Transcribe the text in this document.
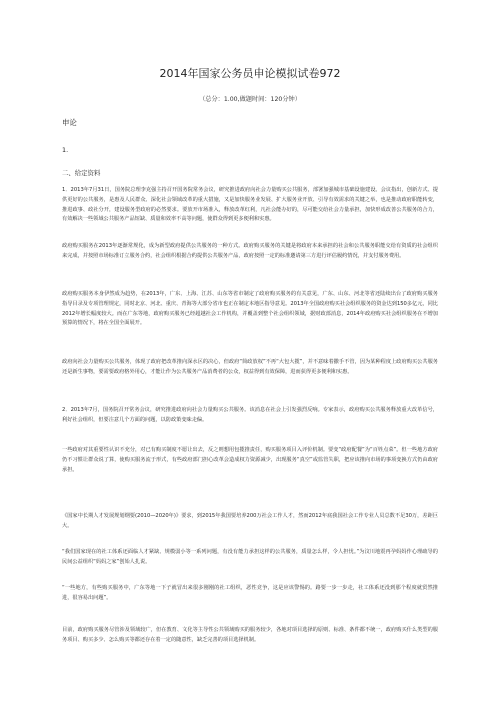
2014年国家公务员申论模拟试卷972
（总分：1.00,做题时间：120分钟）
申论
1.
二、给定资料

1．2013年7月31日，国务院总理李克强主持召开国务院常务会议，研究推进政府向社会力量购买公共服务，部署加强城市基础设施建设。会议指出，创新方式、提供更好的公共服务，是惠及人民群众、深化社会领域改革的重大措施，又是加快服务业发展、扩大服务业开放、引导有效需求的关键之举，也是推动政府职能转变，推进政事、政社分开，建设服务型政府的必然要求。要放开市场准入，释放改革红利，凡社会能办好的，尽可能交给社会力量承担，加快形成改善公共服务的合力，有效解决一些领域公共服务产品短缺、质量和效率不高等问题，使群众得到更多便利和实惠。

政府购买服务在2013年逐渐常规化，成为新型政府提供公共服务的一种方式。政府购买服务的关键是将政府本来承担的社会和公共服务职能交给有资质的社会组织来完成，并按照市场标准订立服务合约，社会组织根据合约提供公共服务产品，政府按照一定的标准邀请第三方进行评估履约情况，并支付服务费用。

政府购买服务本身伊然成为趋势，在2013年，广东、上海、江苏、山东等省市制定了政府购买服务的有关意见，广东、山东、河北等省还陆续出台了政府购买服务指导目录及专项管理规定，同时北京、河北、重庆、青海等大部分省市也正在制定本地区指导意见。2013年全国政府购买社会组织服务的资金达到150多亿元，同比2012年增长幅度较大。而在广东等地，政府购买服务已经超越社会工作机构，并覆盖到整个社会组织领域，据财政部消息，2014年政府购买社会组织服务在不增加预算的情况下，将在全国全面展开。

政府向社会力量购买公共服务，体现了政府把改革推向深水区的决心，但政府“简政放权”不再“大包大揽”，并不意味着撒手不管，因为某种程度上政府购买公共服务还是新生事物，要需要政府格外用心，才能让作为公共服务产品消费者的公众，权益得到有效保障，进而获得更多便利和实惠。

2．2013年7月，国务院召开常务会议，研究推进政府向社会力量购买公共服务。该消息在社会上引发强烈反响。专家表示，政府购买公共服务释放重大改革信号，利好社会组织，但要注意几个方面的问题，以防政策变味走偏。

一些政府对其重要性认识不充分，对已有购买制度不愿让出去，反之则想用包揽推责任，购买服务项目入评价机制。要变“政府配餐”为“百姓点菜”。但一些地方政府仍不习惯让群众说了算，使购买服务流于形式，有些政府部门担心改革会造成权力资源减少，出现服务“真空”或监管失职，把应该推向市场的事项变换方式仍由政府承担。

《国家中长期人才发展规划纲要(2010—2020年)》要求，到2015年我国要培养200万社会工作人才，然而2012年底我国社会工作专业人员总数不足30万，差距巨大。

“我们国家现在的社工体系还面临人才紧缺、规模弱小等一系列问题，有没有能力承担这样的公共服务，质量怎么样，令人担忧。”为汶川地震再孕妈妈作心理疏导的民间公益组织“妈妈之家”创始人扎说。

“一些地方，有些购买服务中，广东等地一下子就冒出来很多刚刚的社工组织，恶性竞争，这是应该警惕的。路要一步一步走，社工体系还没到那个程度就贸然推进，很容易出问题”。

目前，政府购买服务尽管涉及领域较广，但在教育、文化等主导性公共领域购买的服务较少，各地对项目选择的原则、标准、条件都不统一，政府购买什么类型的服务项目、购买多少、怎么购买等都还存在着一定的随意性，缺乏完善的项目选择机制。
